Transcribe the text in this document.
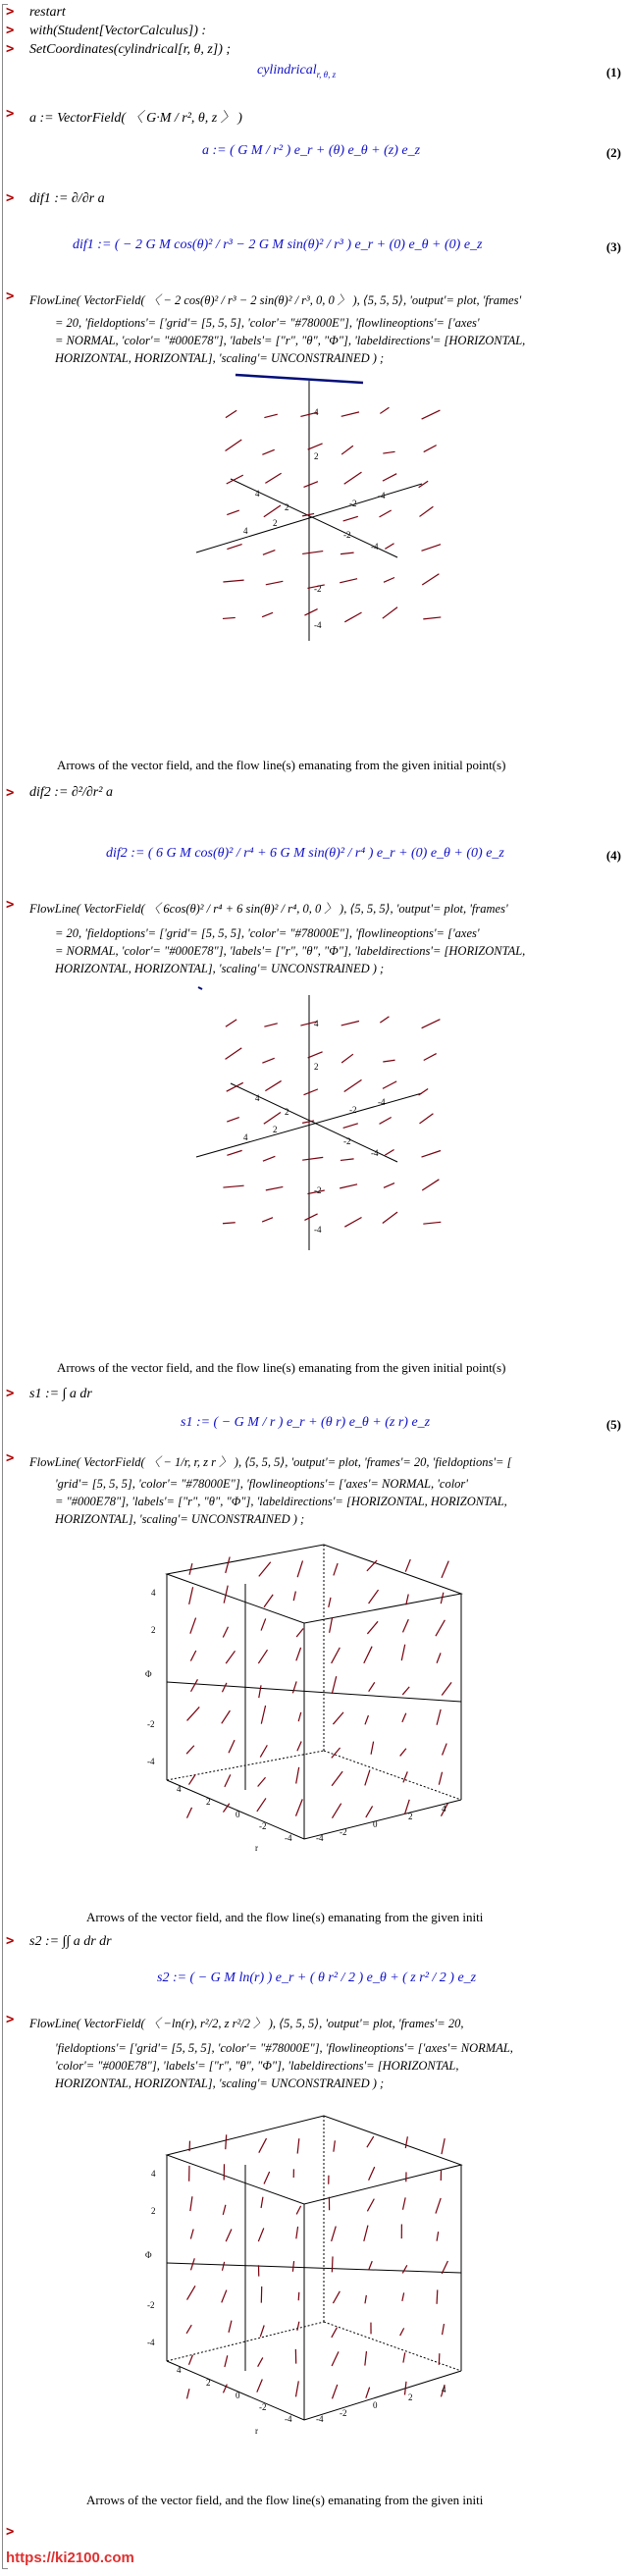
> restart
> with(Student[VectorCalculus]) :
> SetCoordinates(cylindrical[r, θ, z]) ;
cylindrical$_{r, \theta, z}$	(1)
> a := VectorField( 〈 G·M / r², θ, z 〉 )
a := ( G M / r² ) e_r + (θ) e_θ + (z) e_z	(2)
> dif1 := ∂/∂r a
dif1 := ( − 2 G M cos(θ)² / r³ − 2 G M sin(θ)² / r³ ) e_r + (0) e_θ + (0) e_z	(3)
> FlowLine( VectorField( 〈 − 2 cos(θ)² / r³ − 2 sin(θ)² / r³, 0, 0 〉 ), ⟨5, 5, 5⟩, 'output'= plot, 'frames'
= 20, 'fieldoptions'= ['grid'= [5, 5, 5], 'color'= "#78000E"], 'flowlineoptions'= ['axes'
= NORMAL, 'color'= "#000E78"], 'labels'= ["r", "θ", "Φ"], 'labeldirections'= [HORIZONTAL,
HORIZONTAL, HORIZONTAL], 'scaling'= UNCONSTRAINED ) ;
4
2
-2
-4
4
2
-2
-4
4
2
-2
-4
Arrows of the vector field, and the flow line(s) emanating from the given initial point(s)
> dif2 := ∂²/∂r² a
dif2 := ( 6 G M cos(θ)² / r⁴ + 6 G M sin(θ)² / r⁴ ) e_r + (0) e_θ + (0) e_z	(4)
> FlowLine( VectorField( 〈 6cos(θ)² / r⁴ + 6 sin(θ)² / r⁴, 0, 0 〉 ), ⟨5, 5, 5⟩, 'output'= plot, 'frames'
= 20, 'fieldoptions'= ['grid'= [5, 5, 5], 'color'= "#78000E"], 'flowlineoptions'= ['axes'
= NORMAL, 'color'= "#000E78"], 'labels'= ["r", "θ", "Φ"], 'labeldirections'= [HORIZONTAL,
HORIZONTAL, HORIZONTAL], 'scaling'= UNCONSTRAINED ) ;
4
2
-2
-4
4
2
-2
-4
4
2
-2
-4
Arrows of the vector field, and the flow line(s) emanating from the given initial point(s)
> s1 := ∫ a dr
s1 := ( − G M / r ) e_r + (θ r) e_θ + (z r) e_z	(5)
> FlowLine( VectorField( 〈 − 1/r, r, z r 〉 ), ⟨5, 5, 5⟩, 'output'= plot, 'frames'= 20, 'fieldoptions'= [
'grid'= [5, 5, 5], 'color'= "#78000E"], 'flowlineoptions'= ['axes'= NORMAL, 'color'
= "#000E78"], 'labels'= ["r", "θ", "Φ"], 'labeldirections'= [HORIZONTAL, HORIZONTAL,
HORIZONTAL], 'scaling'= UNCONSTRAINED ) ;
4
2
Φ
-2
-4
4
2
0
-2
-4
r
-4
-2
0
2
4
Arrows of the vector field, and the flow line(s) emanating from the given initi
> s2 := ∫∫ a dr dr
s2 := ( − G M ln(r) ) e_r + ( θ r² / 2 ) e_θ + ( z r² / 2 ) e_z
> FlowLine( VectorField( 〈 −ln(r), r²/2, z r²/2 〉 ), ⟨5, 5, 5⟩, 'output'= plot, 'frames'= 20,
'fieldoptions'= ['grid'= [5, 5, 5], 'color'= "#78000E"], 'flowlineoptions'= ['axes'= NORMAL,
'color'= "#000E78"], 'labels'= ["r", "θ", "Φ"], 'labeldirections'= [HORIZONTAL,
HORIZONTAL, HORIZONTAL], 'scaling'= UNCONSTRAINED ) ;
4
2
Φ
-2
-4
4
2
0
-2
-4
r
-4
-2
0
2
4
Arrows of the vector field, and the flow line(s) emanating from the given initi
>
https://ki2100.com
